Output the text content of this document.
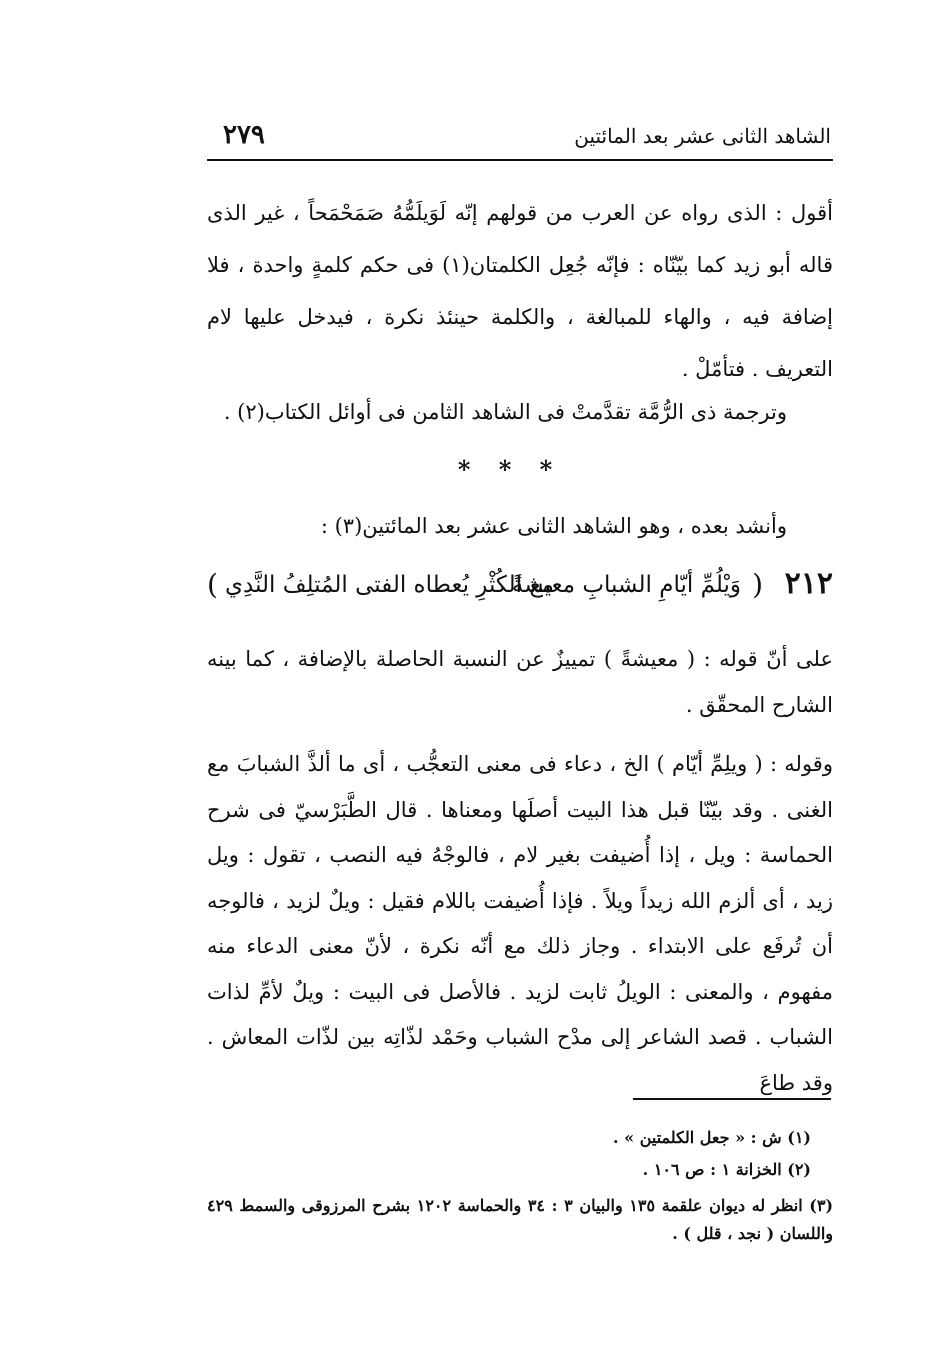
الشاهد الثانى عشر بعد المائتين
٢٧٩
أقول : الذى رواه عن العرب من قولهم إنّه لَوَيلَمُّهُ صَمَحْمَحاً ، غير الذى قاله أبو زيد كما بيّنّاه : فإنّه جُعِل الكلمتان(١) فى حكم كلمةٍ واحدة ، فلا إضافة فيه ، والهاء للمبالغة ، والكلمة حينئذ نكرة ، فيدخل عليها لام التعريف . فتأمّلْ .
وترجمة ذى الرُّمَّة تقدَّمتْ فى الشاهد الثامن فى أوائل الكتاب(٢) .
* * *
وأنشد بعده ، وهو الشاهد الثانى عشر بعد المائتين(٣) :
٢١٢
(
وَيْلُمِّ أيّامِ الشبابِ معيشةً
مع الكُثْرِ يُعطاه الفتى المُتلِفُ النَّدِي
)
على أنّ قوله : ( معيشةً ) تمييزٌ عن النسبة الحاصلة بالإضافة ، كما بينه الشارح المحقّق .
وقوله : ( ويلِمِّ أيّام ) الخ ، دعاء فى معنى التعجُّب ، أى ما ألذَّ الشبابَ مع الغنى . وقد بيّنّا قبل هذا البيت أصلَها ومعناها . قال الطَّبَرْسيّ فى شرح الحماسة : ويل ، إذا أُضيفت بغير لام ، فالوجْهُ فيه النصب ، تقول : ويل زيد ، أى ألزم الله زيداً ويلاً . فإذا أُضيفت باللام فقيل : ويلٌ لزيد ، فالوجه أن تُرفَع على الابتداء . وجاز ذلك مع أنّه نكرة ، لأنّ معنى الدعاء منه مفهوم ، والمعنى : الويلُ ثابت لزيد . فالأصل فى البيت : ويلٌ لأمِّ لذات الشباب . قصد الشاعر إلى مدْح الشباب وحَمْد لذّاتِه بين لذّات المعاش . وقد طاعَ
(١) ش : « جعل الكلمتين » .
(٢) الخزانة ١ : ص ١٠٦ .
(٣) انظر له ديوان علقمة ١٣٥ والبيان ٣ : ٣٤ والحماسة ١٢٠٢ بشرح المرزوقى والسمط ٤٢٩ واللسان ( نجد ، قلل ) .
